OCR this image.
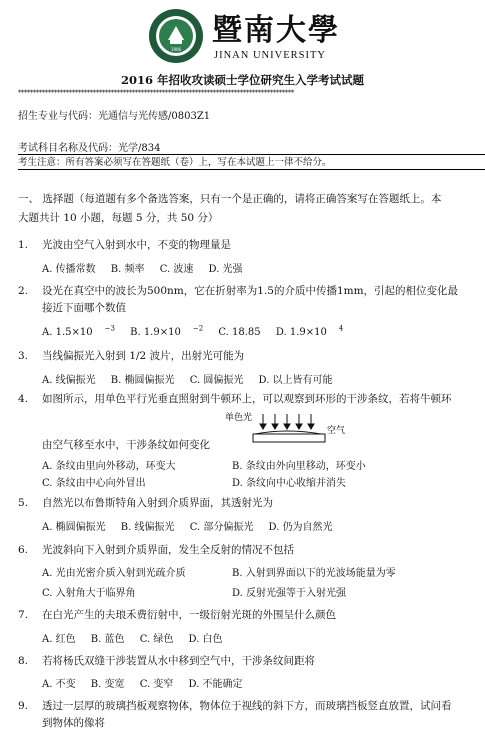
1906
暨南大學
JINAN UNIVERSITY
2016 年招收攻读硕士学位研究生入学考试试题
********************************************************************************************
招生专业与代码：光通信与光传感/0803Z1
考试科目名称及代码：光学/834
考生注意：所有答案必须写在答题纸（卷）上，写在本试题上一律不给分。
一、 选择题（每道题有多个备选答案，只有一个是正确的，请将正确答案写在答题纸上。本
大题共计 10 小题，每题 5 分，共 50 分）
1. 光波由空气入射到水中，不变的物理量是
A. 传播常数 B. 频率 C. 波速 D. 光强
2. 设光在真空中的波长为500nm，它在折射率为1.5的介质中传播1mm，引起的相位变化最
接近下面哪个数值
A. 1.5×10 $^{-3}$ B. 1.9×10 $^{-2}$ C. 18.85 D. 1.9×10 $^4$
3. 当线偏振光入射到 1/2 波片，出射光可能为
A. 线偏振光 B. 椭圆偏振光 C. 圆偏振光 D. 以上皆有可能
4. 如图所示，用单色平行光垂直照射到牛顿环上，可以观察到环形的干涉条纹，若将牛顿环
单色光
空气
由空气移至水中，干涉条纹如何变化
A. 条纹由里向外移动，环变大	B. 条纹由外向里移动，环变小
C. 条纹由中心向外冒出	D. 条纹向中心收缩并消失
5. 自然光以布鲁斯特角入射到介质界面，其透射光为
A. 椭圆偏振光 B. 线偏振光 C. 部分偏振光 D. 仍为自然光
6. 光波斜向下入射到介质界面，发生全反射的情况不包括
A. 光由光密介质入射到光疏介质	B. 入射到界面以下的光波场能量为零
C. 入射角大于临界角	D. 反射光强等于入射光强
7. 在白光产生的夫琅禾费衍射中，一级衍射光斑的外围呈什么颜色
A. 红色 B. 蓝色 C. 绿色 D. 白色
8. 若将杨氏双缝干涉装置从水中移到空气中，干涉条纹间距将
A. 不变 B. 变宽 C. 变窄 D. 不能确定
9. 透过一层厚的玻璃挡板观察物体，物体位于视线的斜下方，而玻璃挡板竖直放置，试问看
到物体的像将
